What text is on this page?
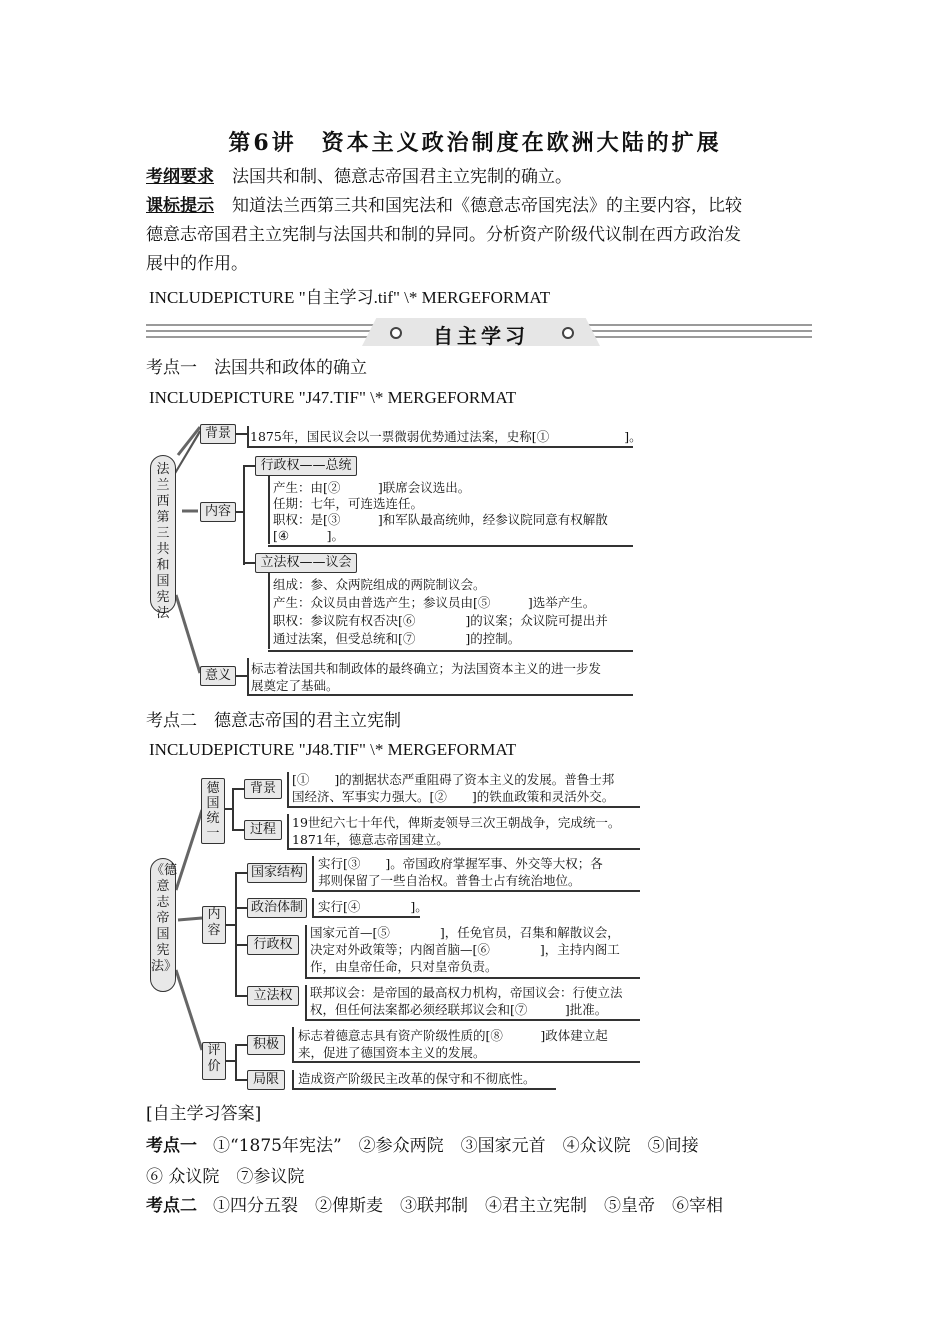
第6讲　资本主义政治制度在欧洲大陆的扩展
考纲要求 法国共和制、德意志帝国君主立宪制的确立。
课标提示 知道法兰西第三共和国宪法和《德意志帝国宪法》的主要内容，比较
德意志帝国君主立宪制与法国共和制的异同。分析资产阶级代议制在西方政治发
展中的作用。
INCLUDEPICTURE "自主学习.tif" \* MERGEFORMAT
自主学习
考点一　法国共和政体的确立
INCLUDEPICTURE "J47.TIF" \* MERGEFORMAT
法兰西第三共和国宪法
背景	1875年，国民议会以一票微弱优势通过法案，史称[①　　　　　　]。
内容
行政权——总统
产生：由[②　　　]联席会议选出。
任期：七年，可连选连任。
职权：是[③　　　]和军队最高统帅，经参议院同意有权解散
[④　　　]。
立法权——议会
组成：参、众两院组成的两院制议会。
产生：众议员由普选产生；参议员由[⑤　　　]选举产生。
职权：参议院有权否决[⑥　　　　]的议案；众议院可提出并
通过法案，但受总统和[⑦　　　　]的控制。
意义	标志着法国共和制政体的最终确立；为法国资本主义的进一步发
展奠定了基础。
考点二　德意志帝国的君主立宪制
INCLUDEPICTURE "J48.TIF" \* MERGEFORMAT
《德意志帝国宪法》
德国统一
背景
[①　　]的割据状态严重阻碍了资本主义的发展。普鲁士邦
国经济、军事实力强大。[②　　]的铁血政策和灵活外交。
过程	19世纪六七十年代，俾斯麦领导三次王朝战争，完成统一。
1871年，德意志帝国建立。
内容
国家结构
实行[③　　]。帝国政府掌握军事、外交等大权；各
邦则保留了一些自治权。普鲁士占有统治地位。
政治体制	实行[④　　　　]。
行政权
国家元首—[⑤　　　　]，任免官员，召集和解散议会，
决定对外政策等；内阁首脑—[⑥　　　　]，主持内阁工
作，由皇帝任命，只对皇帝负责。
立法权	联邦议会：是帝国的最高权力机构，帝国议会：行使立法
权，但任何法案都必须经联邦议会和[⑦　　　]批准。
评价
积极
标志着德意志具有资产阶级性质的[⑧　　　]政体建立起
来，促进了德国资本主义的发展。
局限	造成资产阶级民主改革的保守和不彻底性。
[自主学习答案]
考点一 ①“1875年宪法”　②参众两院　③国家元首　④众议院　⑤间接
⑥ 众议院　⑦参议院
考点二 ①四分五裂　②俾斯麦　③联邦制　④君主立宪制　⑤皇帝　⑥宰相
